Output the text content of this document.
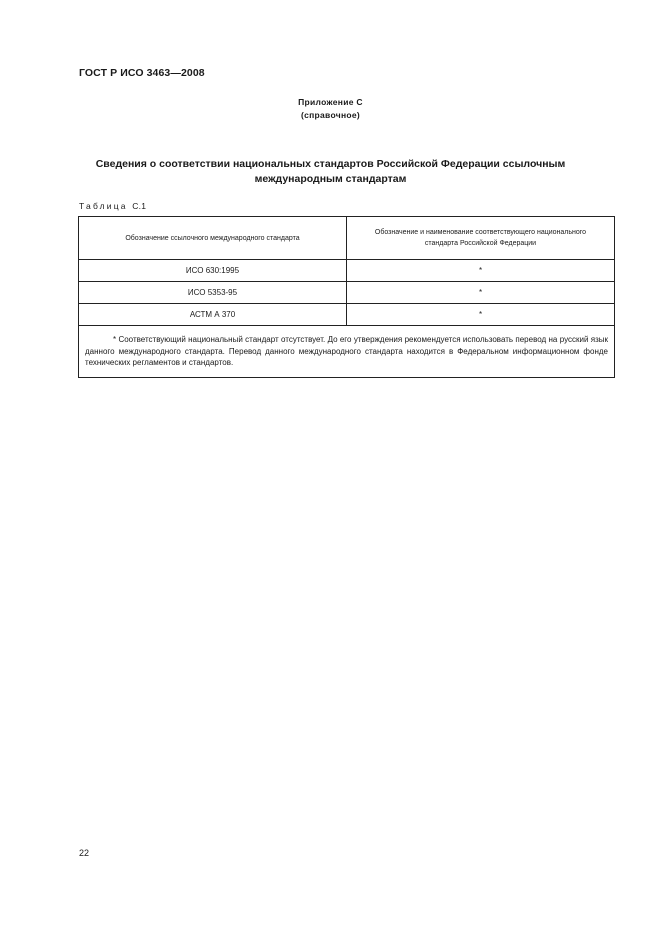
ГОСТ Р ИСО 3463—2008
Приложение С
(справочное)
Сведения о соответствии национальных стандартов Российской Федерации ссылочным международным стандартам
Таблица С.1
Обозначение ссылочного международного стандарта	Обозначение и наименование соответствующего национального стандарта Российской Федерации

ИСО 630:1995	*
ИСО 5353-95	*
АСТМ А 370	*
* Соответствующий национальный стандарт отсутствует. До его утверждения рекомендуется использовать перевод на русский язык данного международного стандарта. Перевод данного международного стандарта находится в Федеральном информационном фонде технических регламентов и стандартов.	
22
